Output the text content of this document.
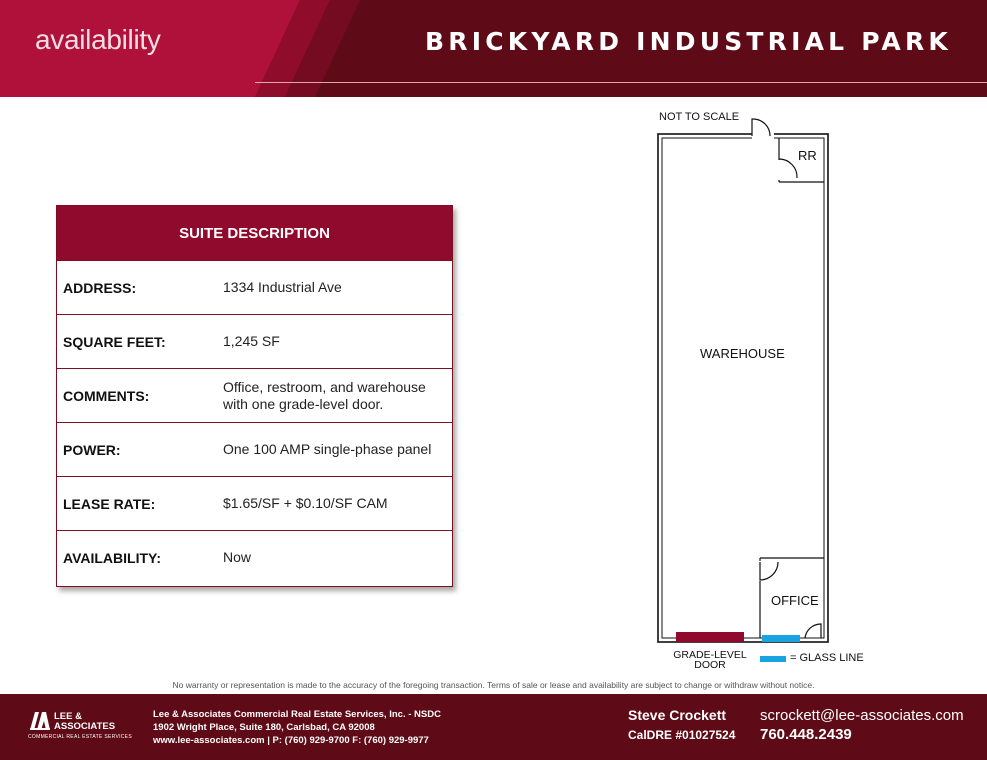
availability	BRICKYARD INDUSTRIAL PARK
SUITE DESCRIPTION
ADDRESS:	1334 Industrial Ave
SQUARE FEET:	1,245 SF
COMMENTS:
Office, restroom, and warehouse with one grade-level door.
POWER:	One 100 AMP single-phase panel
LEASE RATE:	$1.65/SF + $0.10/SF CAM
AVAILABILITY:	Now
NOT TO SCALE
RR
WAREHOUSE
OFFICE
GRADE-LEVEL
DOOR
= GLASS LINE
No warranty or representation is made to the accuracy of the foregoing transaction. Terms of sale or lease and availability are subject to change or withdraw without notice.
LEE &
ASSOCIATES
COMMERCIAL REAL ESTATE SERVICES
Lee & Associates Commercial Real Estate Services, Inc. - NSDC
1902 Wright Place, Suite 180, Carlsbad, CA 92008
www.lee-associates.com | P: (760) 929-9700 F: (760) 929-9977
Steve Crockett
CalDRE #01027524
scrockett@lee-associates.com
760.448.2439
